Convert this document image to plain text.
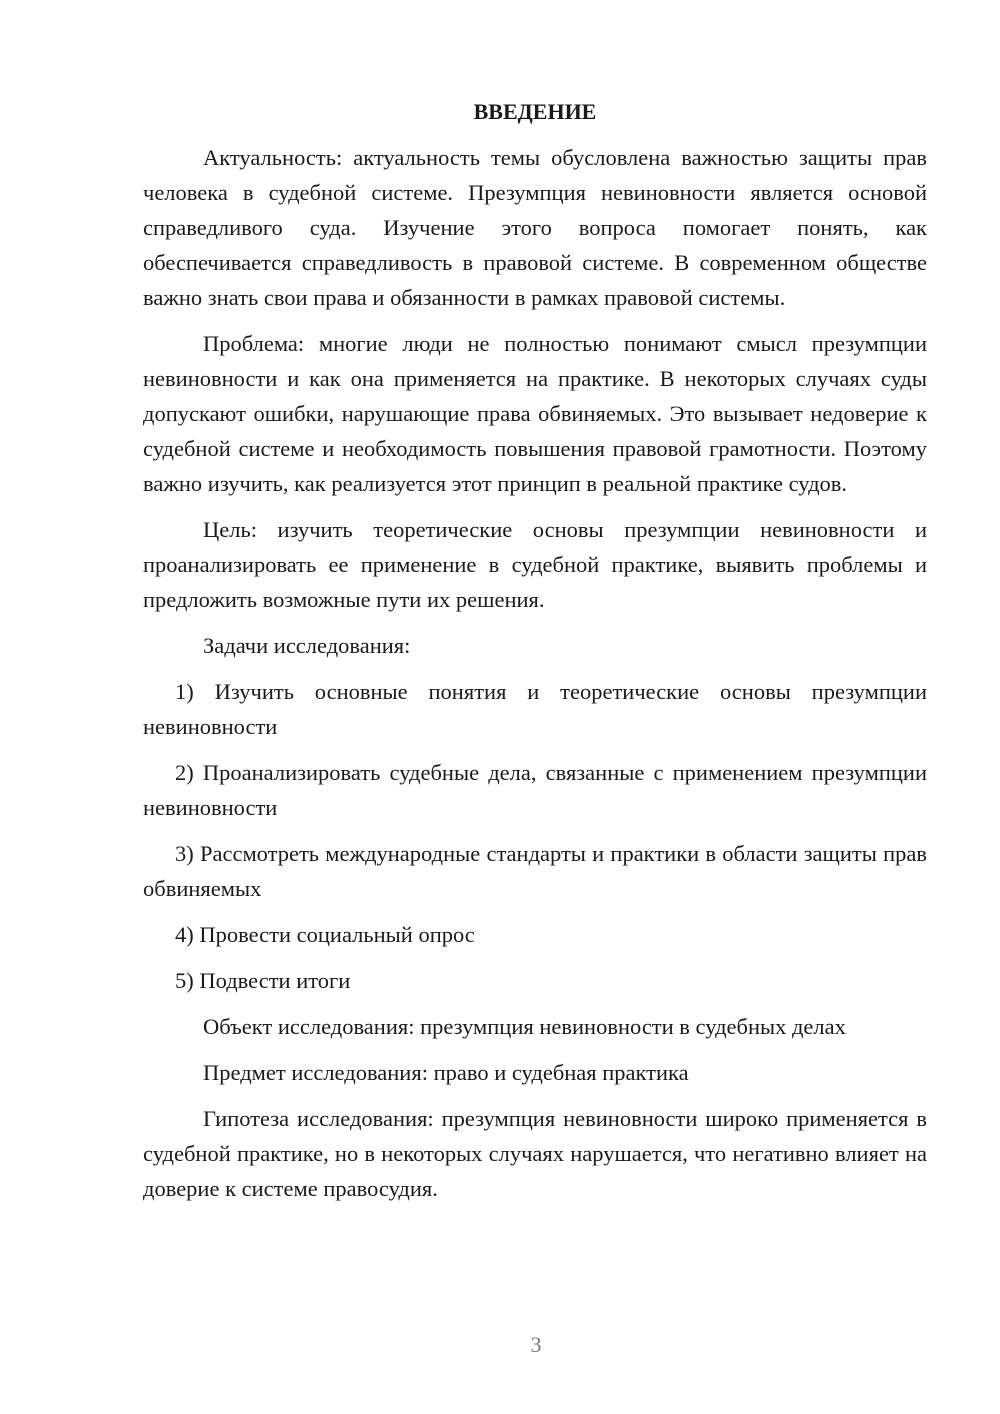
ВВЕДЕНИЕ

Актуальность: актуальность темы обусловлена важностью защиты прав человека в судебной системе. Презумпция невиновности является основой справедливого суда. Изучение этого вопроса помогает понять, как обеспечивается справедливость в правовой системе. В современном обществе важно знать свои права и обязанности в рамках правовой системы.

Проблема: многие люди не полностью понимают смысл презумпции невиновности и как она применяется на практике. В некоторых случаях суды допускают ошибки, нарушающие права обвиняемых. Это вызывает недоверие к судебной системе и необходимость повышения правовой грамотности. Поэтому важно изучить, как реализуется этот принцип в реальной практике судов.

Цель: изучить теоретические основы презумпции невиновности и проанализировать ее применение в судебной практике, выявить проблемы и предложить возможные пути их решения.

Задачи исследования:

1) Изучить основные понятия и теоретические основы презумпции невиновности

2) Проанализировать судебные дела, связанные с применением презумпции невиновности

3) Рассмотреть международные стандарты и практики в области защиты прав обвиняемых

4) Провести социальный опрос

5) Подвести итоги

Объект исследования: презумпция невиновности в судебных делах

Предмет исследования: право и судебная практика

Гипотеза исследования: презумпция невиновности широко применяется в судебной практике, но в некоторых случаях нарушается, что негативно влияет на доверие к системе правосудия.

3
